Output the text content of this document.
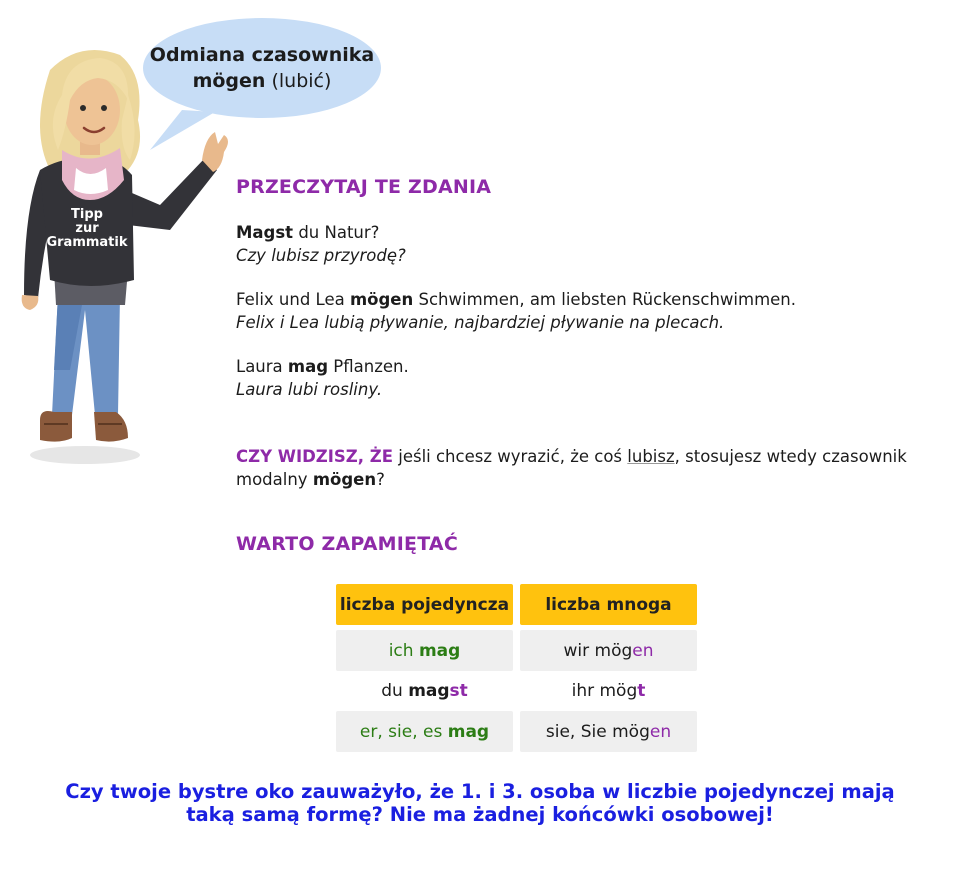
Odmiana czasownika
mögen (lubić)
Tipp
zur
Grammatik
PRZECZYTAJ TE ZDANIA

Magst du Natur?
Czy lubisz przyrodę?

Felix und Lea mögen Schwimmen, am liebsten Rückenschwimmen.
Felix i Lea lubią pływanie, najbardziej pływanie na plecach.

Laura mag Pflanzen.
Laura lubi rosliny.

CZY WIDZISZ, ŻE jeśli chcesz wyrazić, że coś lubisz, stosujesz wtedy czasownik modalny mögen?
WARTO ZAPAMIĘTAĆ
liczba pojedyncza	liczba mnoga
ich mag	wir mög en
du mag st	ihr mög t
er, sie, es mag	sie, Sie mög en
Czy twoje bystre oko zauważyło, że 1. i 3. osoba w liczbie pojedynczej mają taką samą formę? Nie ma żadnej końcówki osobowej!
